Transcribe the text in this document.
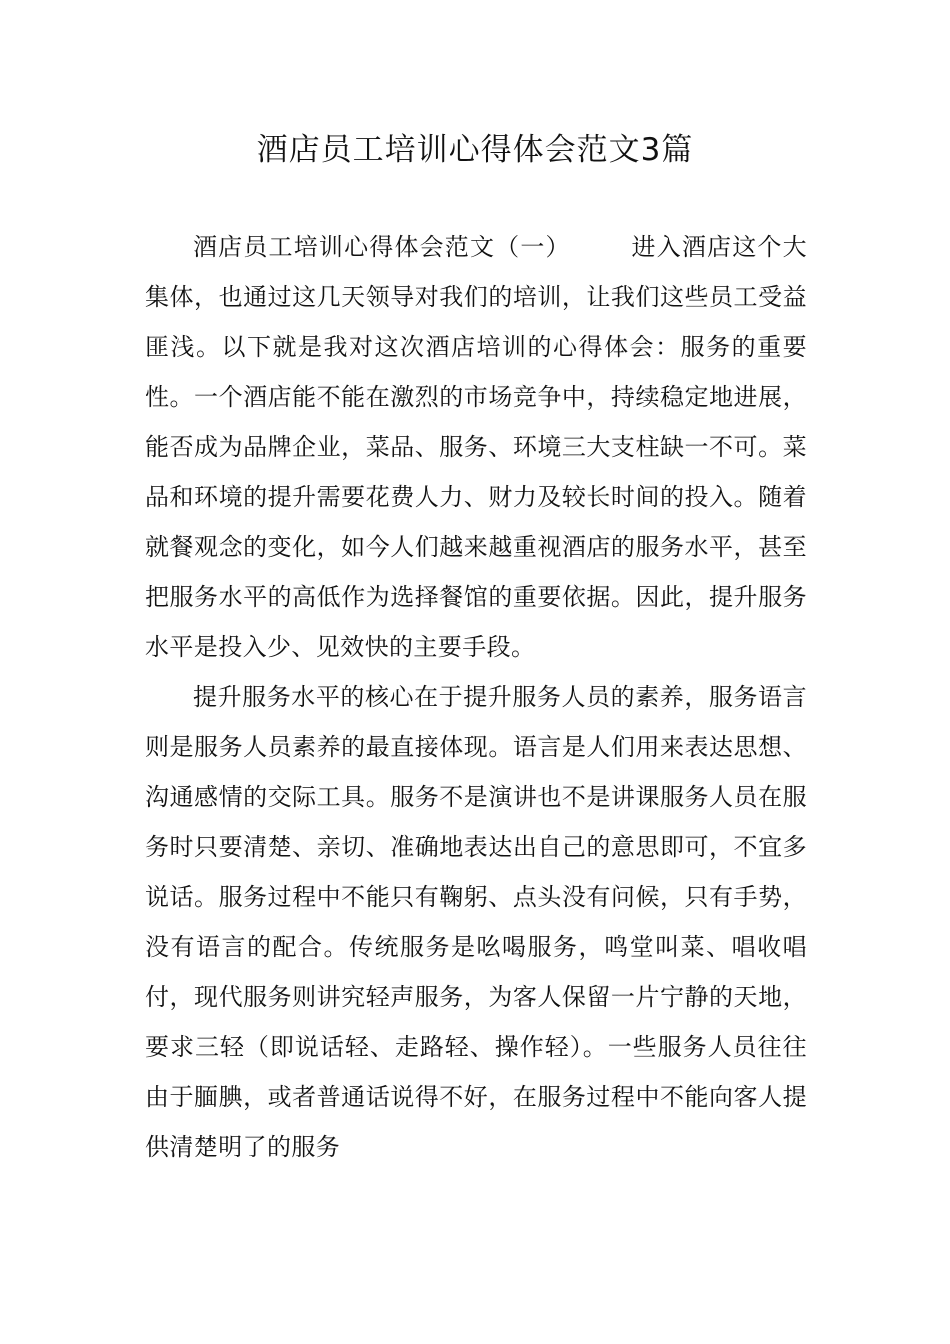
酒店员工培训心得体会范文3篇

酒店员工培训心得体会范文（一）	进入酒店这个大集体，也通过这几天领导对我们的培训，让我们这些员工受益匪浅。以下就是我对这次酒店培训的心得体会：服务的重要性。一个酒店能不能在激烈的市场竞争中，持续稳定地进展，能否成为品牌企业，菜品、服务、环境三大支柱缺一不可。菜品和环境的提升需要花费人力、财力及较长时间的投入。随着就餐观念的变化，如今人们越来越重视酒店的服务水平，甚至把服务水平的高低作为选择餐馆的重要依据。因此，提升服务水平是投入少、见效快的主要手段。

提升服务水平的核心在于提升服务人员的素养，服务语言则是服务人员素养的最直接体现。语言是人们用来表达思想、沟通感情的交际工具。服务不是演讲也不是讲课服务人员在服务时只要清楚、亲切、准确地表达出自己的意思即可，不宜多说话。服务过程中不能只有鞠躬、点头没有问候，只有手势，没有语言的配合。传统服务是吆喝服务，鸣堂叫菜、唱收唱付，现代服务则讲究轻声服务，为客人保留一片宁静的天地，要求三轻（即说话轻、走路轻、操作轻）。一些服务人员往往由于腼腆，或者普通话说得不好，在服务过程中不能向客人提供清楚明了的服务
